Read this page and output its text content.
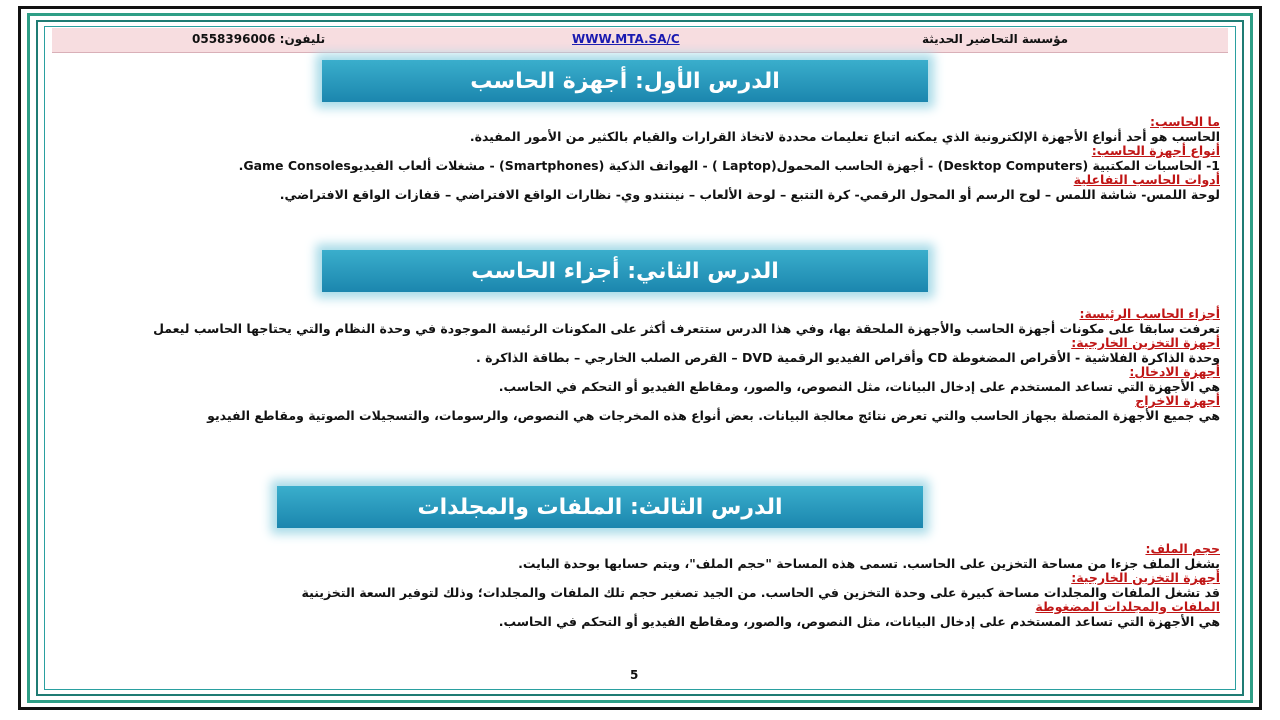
تليفون: 0558396006	WWW.MTA.SA/C	مؤسسة التحاضير الحديثة
الدرس الأول: أجهزة الحاسب
ما الحاسب:

الحاسب هو أحد أنواع الأجهزة الإلكترونية الذي يمكنه اتباع تعليمات محددة لاتخاذ القرارات والقيام بالكثير من الأمور المفيدة.

أنواع أجهزة الحاسب:

1- الحاسبات المكتبية (Desktop Computers) - أجهزة الحاسب المحمول(Laptop ) - الهواتف الذكية (Smartphones) - مشغلات ألعاب الفيديوGame Consoles.

أدوات الحاسب التفاعلية

لوحة اللمس- شاشة اللمس – لوح الرسم أو المحول الرقمي- كرة التتبع – لوحة الألعاب – نينتندو وي- نظارات الواقع الافتراضي – قفازات الواقع الافتراضي.

الدرس الثاني: أجزاء الحاسب
أجزاء الحاسب الرئيسة:

تعرفت سابقا على مكونات أجهزة الحاسب والأجهزة الملحقة بها، وفي هذا الدرس ستتعرف أكثر على المكونات الرئيسة الموجودة في وحدة النظام والتي يحتاجها الحاسب ليعمل

أجهزة التخزين الخارجية:

وحدة الذاكرة الفلاشية - الأقراص المضغوطة CD وأقراص الفيديو الرقمية DVD – القرص الصلب الخارجي – بطاقة الذاكرة .

أجهزة الادخال:

هي الأجهزة التي تساعد المستخدم على إدخال البيانات، مثل النصوص، والصور، ومقاطع الفيديو أو التحكم في الحاسب.

أجهزة الاخراج

هي جميع الأجهزة المتصلة بجهاز الحاسب والتي تعرض نتائج معالجة البيانات. بعض أنواع هذه المخرجات هي النصوص، والرسومات، والتسجيلات الصوتية ومقاطع الفيديو

الدرس الثالث: الملفات والمجلدات
حجم الملف:

يشغل الملف جزءا من مساحة التخزين على الحاسب. تسمى هذه المساحة "حجم الملف"، ويتم حسابها بوحدة البايت.

أجهزة التخزين الخارجية:

قد تشغل الملفات والمجلدات مساحة كبيرة على وحدة التخزين في الحاسب. من الجيد تصغير حجم تلك الملفات والمجلدات؛ وذلك لتوفير السعة التخزينية

الملفات والمجلدات المضغوطة

هي الأجهزة التي تساعد المستخدم على إدخال البيانات، مثل النصوص، والصور، ومقاطع الفيديو أو التحكم في الحاسب.

5
